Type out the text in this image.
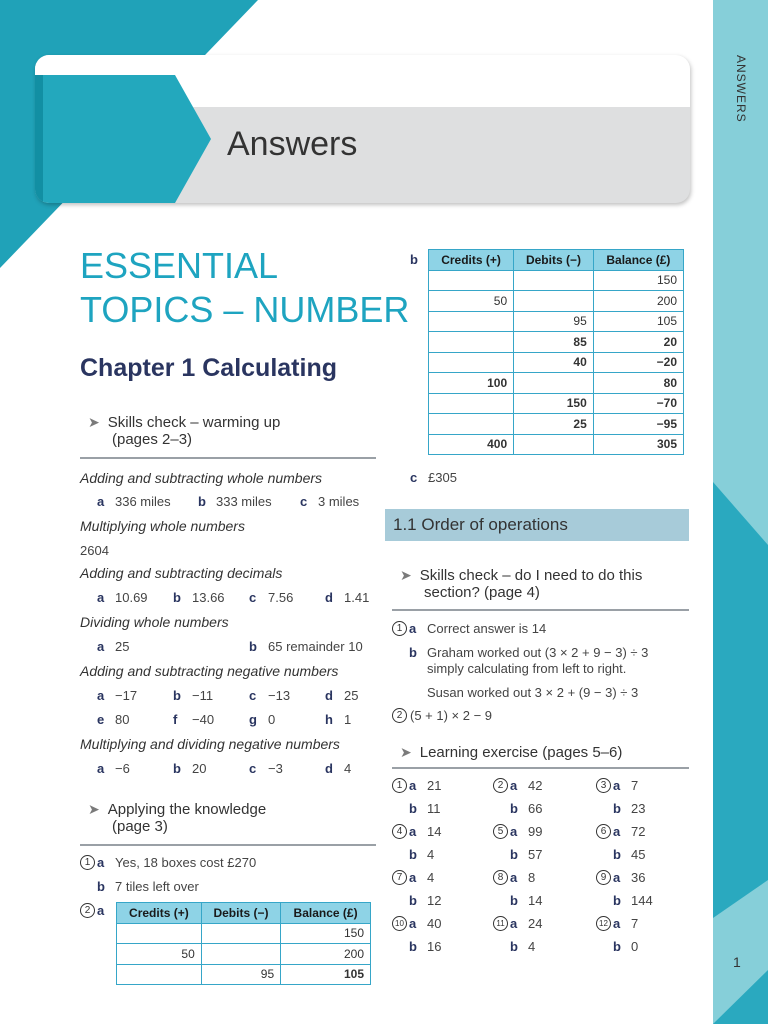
Answers
ANSWERS
ESSENTIAL
TOPICS – NUMBER
Chapter 1 Calculating
➤ Skills check – warming up
(pages 2–3)
Adding and subtracting whole numbers
a 336 miles b 333 miles c 3 miles
Multiplying whole numbers
2604
Adding and subtracting decimals
a 10.69 b 13.66 c 7.56 d 1.41
Dividing whole numbers
a 25	b 65 remainder 10
Adding and subtracting negative numbers
a −17	b −11	c −13	d 25
e 80	f −40	g 0	h 1
Multiplying and dividing negative numbers
a −6	b 20	c −3	d 4
➤ Applying the knowledge
(page 3)
1 a Yes, 18 boxes cost £270
b 7 tiles left over
2 a Credits (+)	Debits (−)	Balance (£)
		150
50		200
	95	105
b Credits (+)	Debits (−)	Balance (£)
		150
50		200
	95	105
	85	20
	40	−20
100		80
	150	−70
	25	−95
400		305
c £305
1.1 Order of operations
➤ Skills check – do I need to do this
section? (page 4)
1 a Correct answer is 14
b Graham worked out (3 × 2 + 9 − 3) ÷ 3
simply calculating from left to right.
Susan worked out 3 × 2 + (9 − 3) ÷ 3
2 (5 + 1) × 2 − 9
➤ Learning exercise (pages 5–6)
1 a 21
b 11
2 a 42
b 66
3 a 7
b 23
4 a 14
b 4
5 a 99
b 57
6 a 72
b 45
7 a 4
b 12
8 a 8
b 14
9 a 36
b 144
10 a 40
b 16
11 a 24
b 4
12 a 7
b 0
1
